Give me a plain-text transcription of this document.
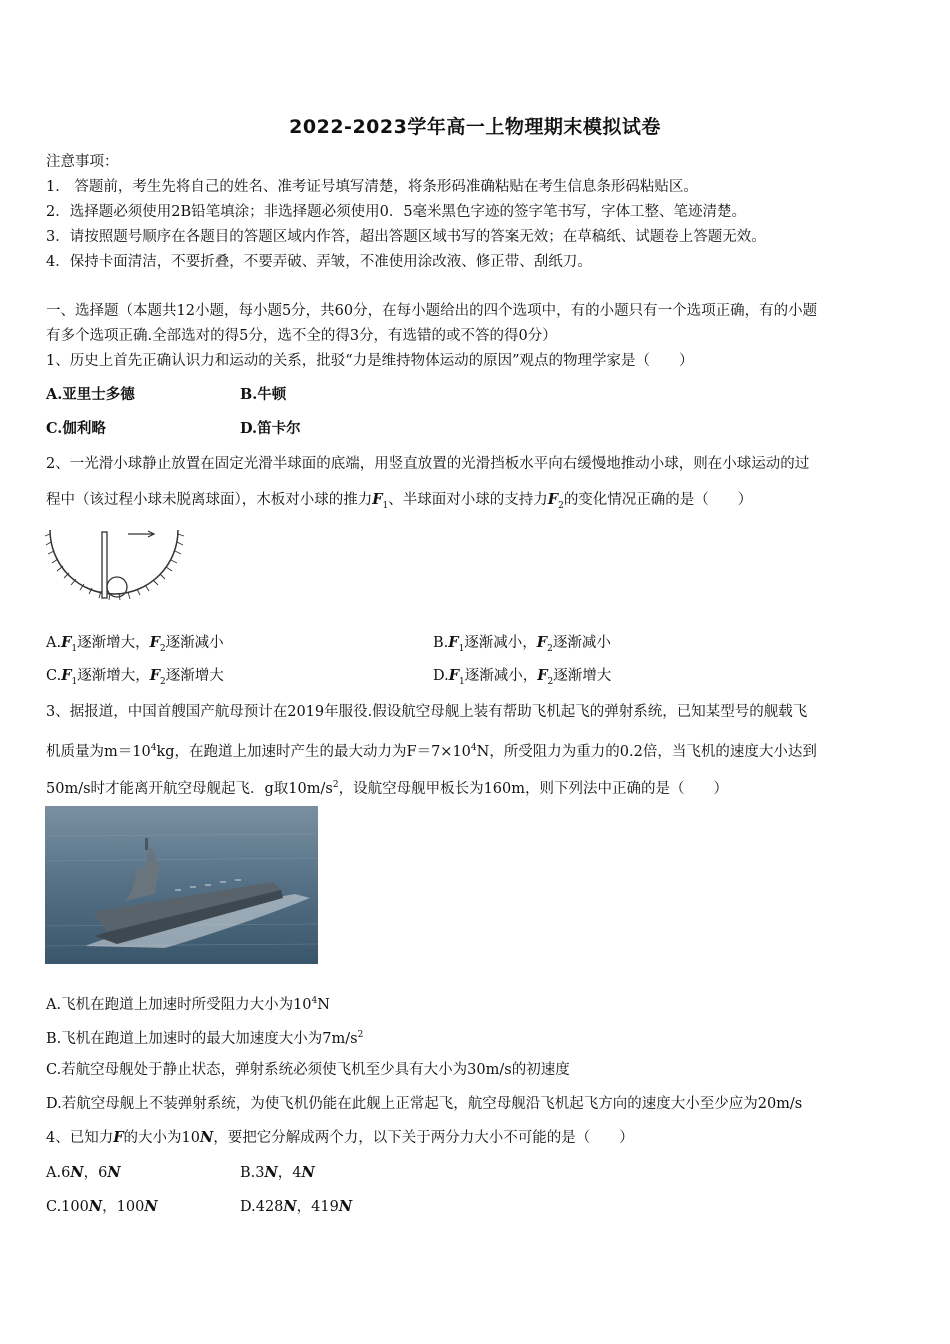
2022-2023学年高一上物理期末模拟试卷
注意事项：
1． 答题前，考生先将自己的姓名、准考证号填写清楚，将条形码准确粘贴在考生信息条形码粘贴区。
2．选择题必须使用2B铅笔填涂；非选择题必须使用0．5毫米黑色字迹的签字笔书写，字体工整、笔迹清楚。
3．请按照题号顺序在各题目的答题区域内作答，超出答题区域书写的答案无效；在草稿纸、试题卷上答题无效。
4．保持卡面清洁，不要折叠，不要弄破、弄皱，不准使用涂改液、修正带、刮纸刀。
一、选择题（本题共12小题，每小题5分，共60分，在每小题给出的四个选项中，有的小题只有一个选项正确，有的小题
有多个选项正确.全部选对的得5分，选不全的得3分，有选错的或不答的得0分）
1、历史上首先正确认识力和运动的关系，批驳“力是维持物体运动的原因”观点的物理学家是（　　）
A.亚里士多德	B.牛顿
C.伽利略	D.笛卡尔
2、一光滑小球静止放置在固定光滑半球面的底端，用竖直放置的光滑挡板水平向右缓慢地推动小球，则在小球运动的过
程中（该过程小球未脱离球面），木板对小球的推力$F_1$、半球面对小球的支持力$F_2$的变化情况正确的是（　　）
$A.F_1$逐渐增大，$F_2$逐渐减小	$B.F_1$逐渐减小，$F_2$逐渐减小
$C.F_1$逐渐增大，$F_2$逐渐增大	$D.F_1$逐渐减小，$F_2$逐渐增大
3、据报道，中国首艘国产航母预计在2019年服役.假设航空母舰上装有帮助飞机起飞的弹射系统，已知某型号的舰载飞
机质量为$m=10^4kg$，在跑道上加速时产生的最大动力为$F=7\times 10^4N$，所受阻力为重力的0.2倍，当飞机的速度大小达到
50m/s时才能离开航空母舰起飞．g取$10m/s^2$，设航空母舰甲板长为160m，则下列法中正确的是（　　）
A.飞机在跑道上加速时所受阻力大小为$10^4N$
B.飞机在跑道上加速时的最大加速度大小为$7m/s^2$
C.若航空母舰处于静止状态，弹射系统必须使飞机至少具有大小为30m/s的初速度
D.若航空母舰上不装弹射系统，为使飞机仍能在此舰上正常起飞，航空母舰沿飞机起飞方向的速度大小至少应为20m/s
4、已知力F的大小为10N，要把它分解成两个力，以下关于两分力大小不可能的是（　　）
A.6N，6N	B.3N，4N
C.100N，100N	D.428N，419N
